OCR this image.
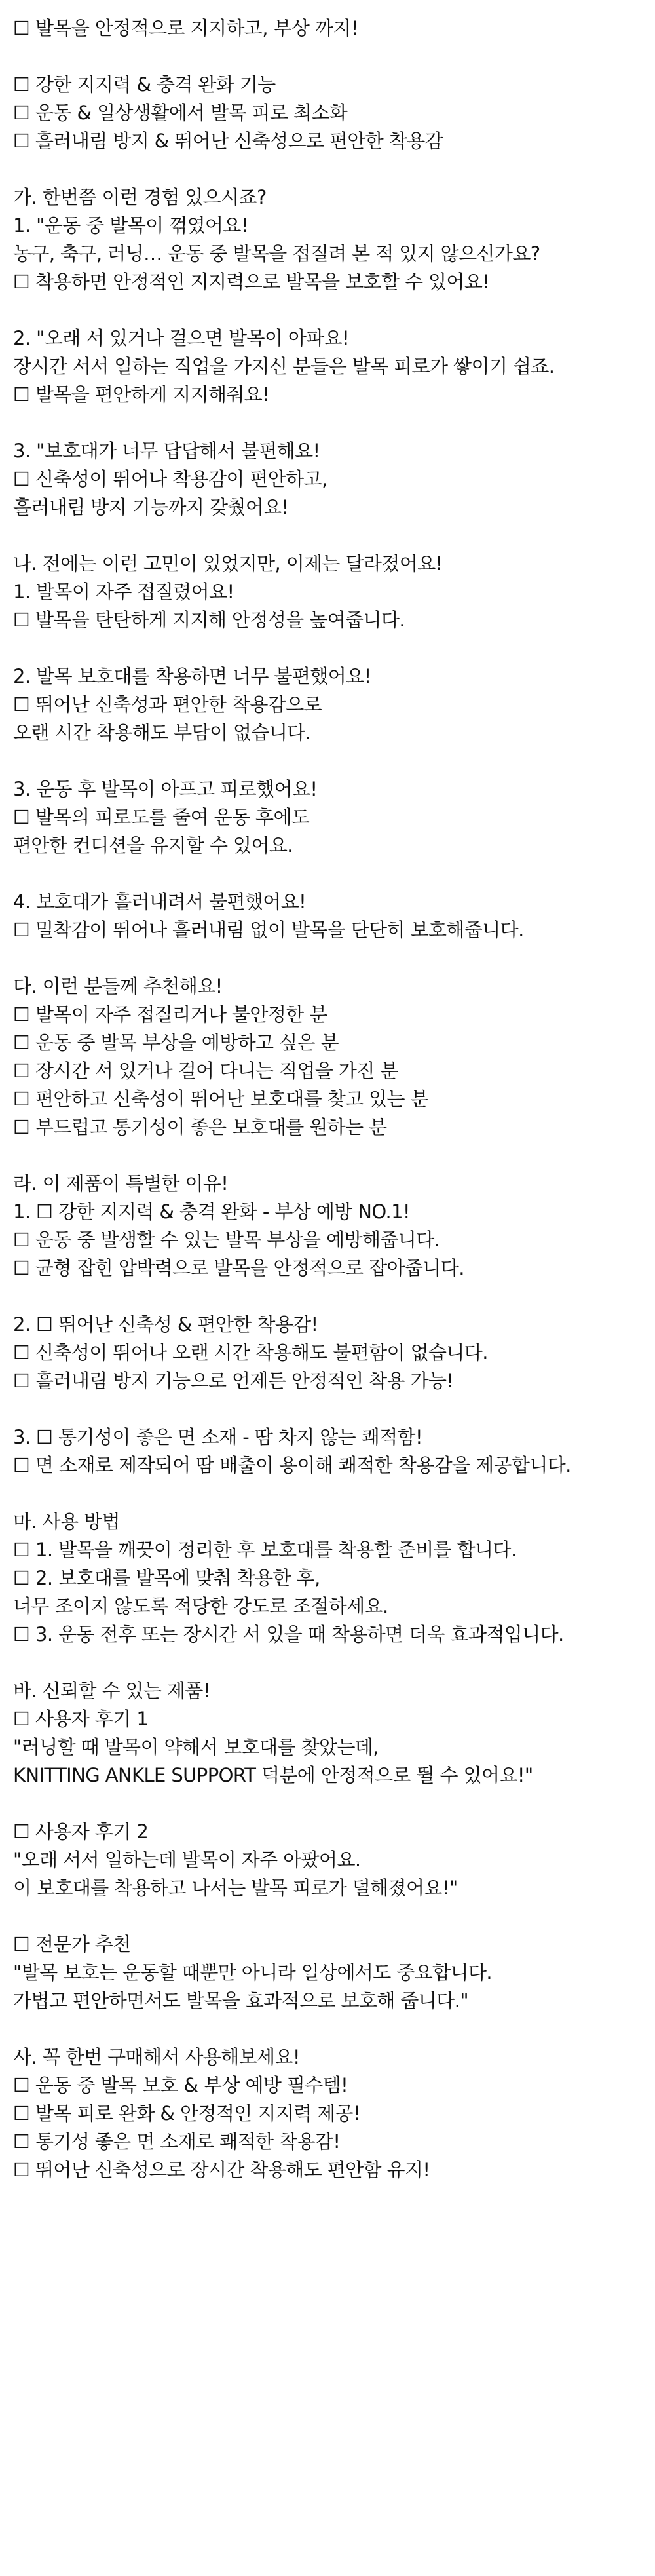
☐ 발목을 안정적으로 지지하고, 부상 까지!
☐ 강한 지지력 & 충격 완화 기능
☐ 운동 & 일상생활에서 발목 피로 최소화
☐ 흘러내림 방지 & 뛰어난 신축성으로 편안한 착용감
가. 한번쯤 이런 경험 있으시죠?
1. "운동 중 발목이 꺾였어요!
농구, 축구, 러닝… 운동 중 발목을 접질려 본 적 있지 않으신가요?
☐ 착용하면 안정적인 지지력으로 발목을 보호할 수 있어요!
2. "오래 서 있거나 걸으면 발목이 아파요!
장시간 서서 일하는 직업을 가지신 분들은 발목 피로가 쌓이기 쉽죠.
☐ 발목을 편안하게 지지해줘요!
3. "보호대가 너무 답답해서 불편해요!
☐ 신축성이 뛰어나 착용감이 편안하고,
흘러내림 방지 기능까지 갖췄어요!
나. 전에는 이런 고민이 있었지만, 이제는 달라졌어요!
1. 발목이 자주 접질렸어요!
☐ 발목을 탄탄하게 지지해 안정성을 높여줍니다.
2. 발목 보호대를 착용하면 너무 불편했어요!
☐ 뛰어난 신축성과 편안한 착용감으로
오랜 시간 착용해도 부담이 없습니다.
3. 운동 후 발목이 아프고 피로했어요!
☐ 발목의 피로도를 줄여 운동 후에도
편안한 컨디션을 유지할 수 있어요.
4. 보호대가 흘러내려서 불편했어요!
☐ 밀착감이 뛰어나 흘러내림 없이 발목을 단단히 보호해줍니다.
다. 이런 분들께 추천해요!
☐ 발목이 자주 접질리거나 불안정한 분
☐ 운동 중 발목 부상을 예방하고 싶은 분
☐ 장시간 서 있거나 걸어 다니는 직업을 가진 분
☐ 편안하고 신축성이 뛰어난 보호대를 찾고 있는 분
☐ 부드럽고 통기성이 좋은 보호대를 원하는 분
라. 이 제품이 특별한 이유!
1. ☐ 강한 지지력 & 충격 완화 - 부상 예방 NO.1!
☐ 운동 중 발생할 수 있는 발목 부상을 예방해줍니다.
☐ 균형 잡힌 압박력으로 발목을 안정적으로 잡아줍니다.
2. ☐ 뛰어난 신축성 & 편안한 착용감!
☐ 신축성이 뛰어나 오랜 시간 착용해도 불편함이 없습니다.
☐ 흘러내림 방지 기능으로 언제든 안정적인 착용 가능!
3. ☐ 통기성이 좋은 면 소재 - 땀 차지 않는 쾌적함!
☐ 면 소재로 제작되어 땀 배출이 용이해 쾌적한 착용감을 제공합니다.
마. 사용 방법
☐ 1. 발목을 깨끗이 정리한 후 보호대를 착용할 준비를 합니다.
☐ 2. 보호대를 발목에 맞춰 착용한 후,
너무 조이지 않도록 적당한 강도로 조절하세요.
☐ 3. 운동 전후 또는 장시간 서 있을 때 착용하면 더욱 효과적입니다.
바. 신뢰할 수 있는 제품!
☐ 사용자 후기 1
"러닝할 때 발목이 약해서 보호대를 찾았는데,
KNITTING ANKLE SUPPORT 덕분에 안정적으로 뛸 수 있어요!"
☐ 사용자 후기 2
"오래 서서 일하는데 발목이 자주 아팠어요.
이 보호대를 착용하고 나서는 발목 피로가 덜해졌어요!"
☐ 전문가 추천
"발목 보호는 운동할 때뿐만 아니라 일상에서도 중요합니다.
가볍고 편안하면서도 발목을 효과적으로 보호해 줍니다."
사. 꼭 한번 구매해서 사용해보세요!
☐ 운동 중 발목 보호 & 부상 예방 필수템!
☐ 발목 피로 완화 & 안정적인 지지력 제공!
☐ 통기성 좋은 면 소재로 쾌적한 착용감!
☐ 뛰어난 신축성으로 장시간 착용해도 편안함 유지!
